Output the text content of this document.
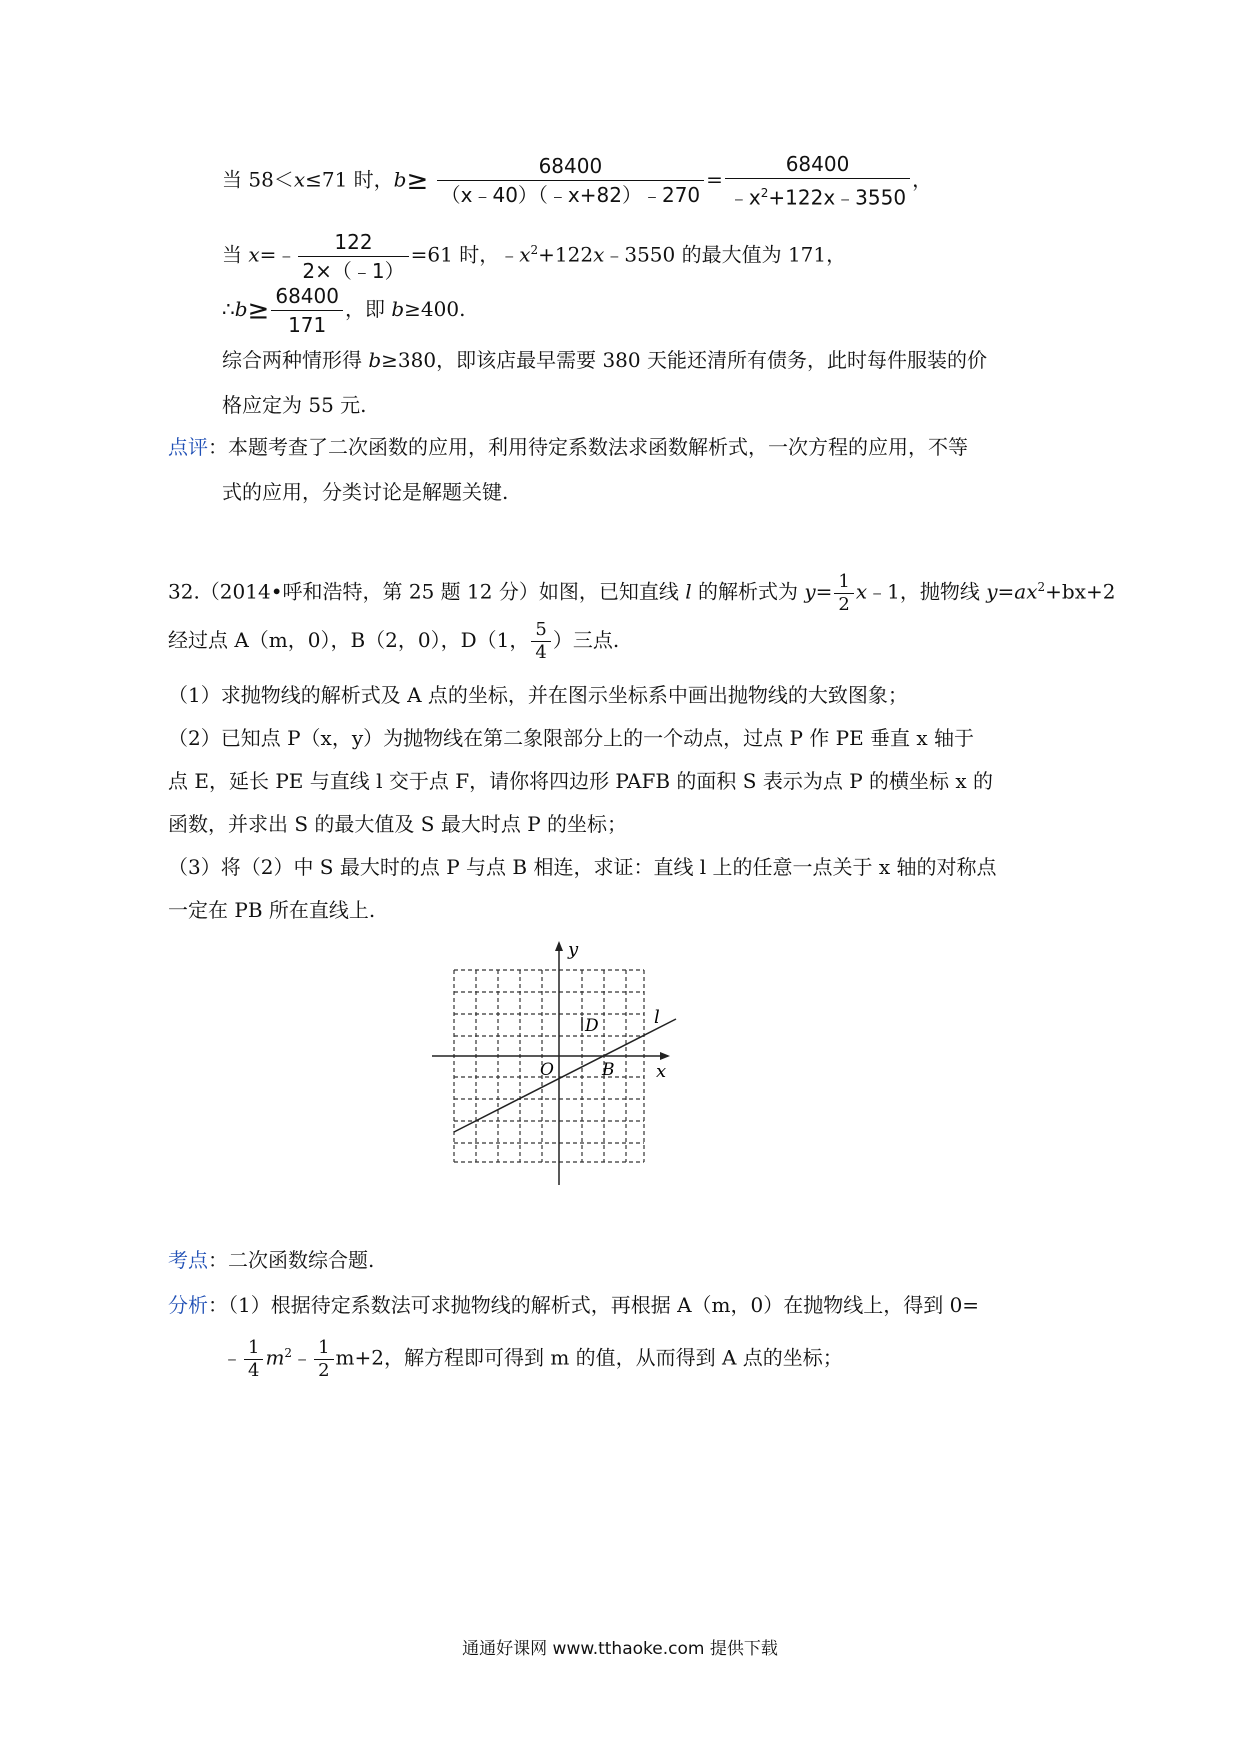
当 58＜x≤71 时，$b\ge \frac{68400}{(x﹣40)(﹣x+82)﹣270} = \frac{68400}{﹣x^2+122x﹣3550}$ ，
当 x=﹣ $\frac{122}{2\times(﹣1)} =61$ 时，$﹣x^2+122x﹣3550$ 的最大值为 171，
∴b≥ $\frac{68400}{171}$ ，即 b≥400.
综合两种情形得 b≥380，即该店最早需要 380 天能还清所有债务，此时每件服装的价
格应定为 55 元.
点评：本题考查了二次函数的应用，利用待定系数法求函数解析式，一次方程的应用，不等
式的应用，分类讨论是解题关键.
32.（2014•呼和浩特，第 25 题 12 分）如图，已知直线 l 的解析式为 $y= \frac{1}{2}$ x﹣1，抛物线 $y=ax^2+bx+2$
经过点 A（m，0），B（2，0），D（1， $\frac{5}{4}$ ）三点.
（1）求抛物线的解析式及 A 点的坐标，并在图示坐标系中画出抛物线的大致图象；
（2）已知点 P（x，y）为抛物线在第二象限部分上的一个动点，过点 P 作 PE 垂直 x 轴于
点 E，延长 PE 与直线 l 交于点 F，请你将四边形 PAFB 的面积 S 表示为点 P 的横坐标 x 的
函数，并求出 S 的最大值及 S 最大时点 P 的坐标；
（3）将（2）中 S 最大时的点 P 与点 B 相连，求证：直线 l 上的任意一点关于 x 轴的对称点
一定在 PB 所在直线上.
y
x
O	B
D	l
考点：二次函数综合题.
分析：（1）根据待定系数法可求抛物线的解析式，再根据 A（m，0）在抛物线上，得到 0=
﹣ $\frac{1}{4}$ $m^2﹣ \frac{1}{2} m+2$，解方程即可得到 m 的值，从而得到 A 点的坐标；
通通好课网 www.tthaoke.com 提供下载
